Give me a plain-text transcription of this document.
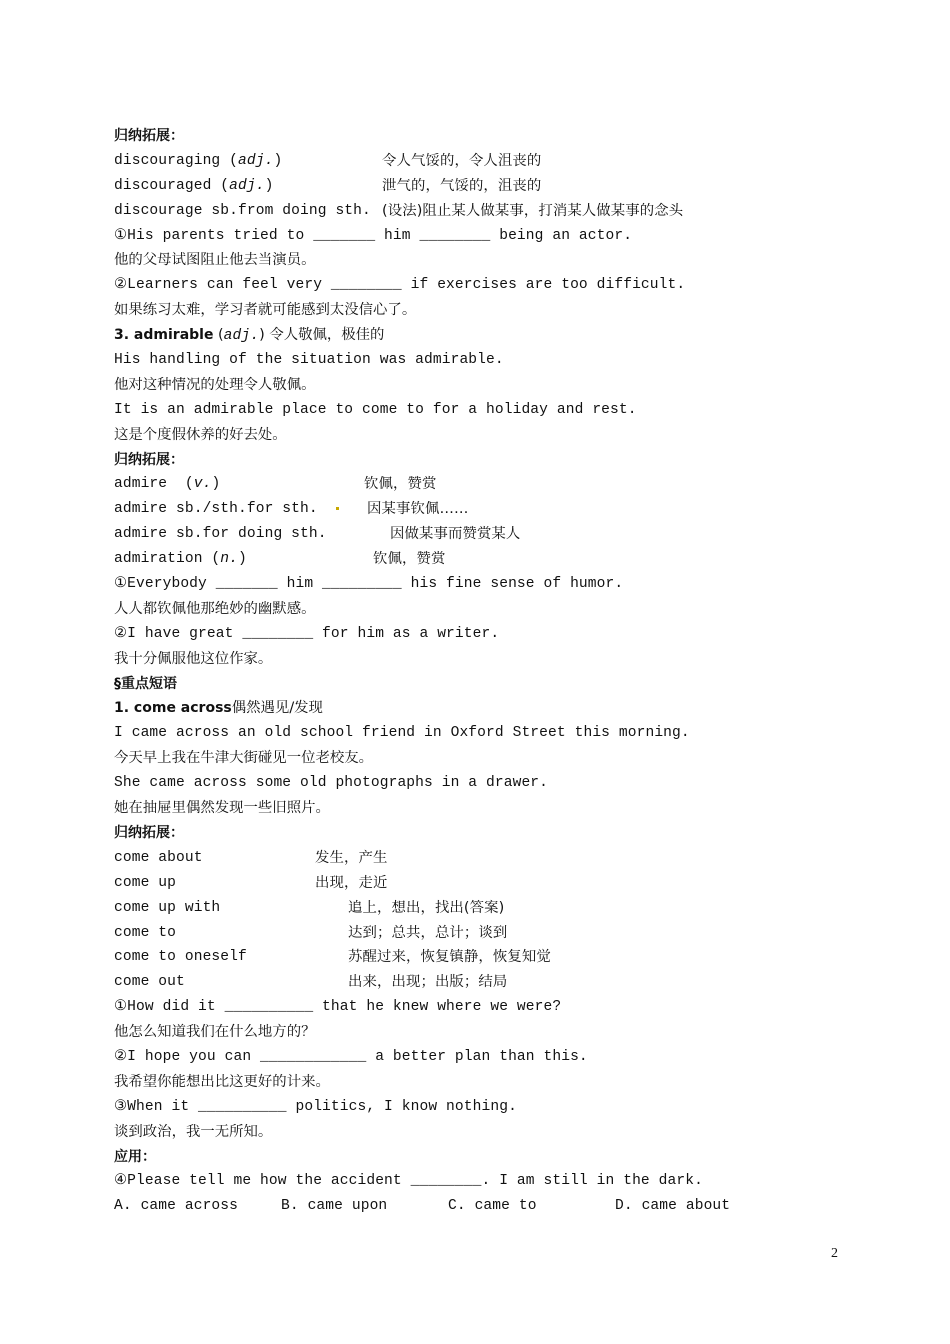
归纳拓展：
discouraging (adj.)	令人气馁的，令人沮丧的
discouraged (adj.)	泄气的，气馁的，沮丧的
discourage sb.from doing sth. (设法)阻止某人做某事，打消某人做某事的念头
①His parents tried to _______ him ________ being an actor.
他的父母试图阻止他去当演员。
②Learners can feel very ________ if exercises are too difficult.
如果练习太难，学习者就可能感到太没信心了。
3. admirable (adj.) 令人敬佩，极佳的
His handling of the situation was admirable.
他对这种情况的处理令人敬佩。
It is an admirable place to come to for a holiday and rest.
这是个度假休养的好去处。
归纳拓展：
admire  (v.)	钦佩，赞赏
admire sb./sth.for sth.	因某事钦佩……
admire sb.for doing sth.	因做某事而赞赏某人
admiration (n.)	钦佩，赞赏
①Everybody _______ him _________ his fine sense of humor.
人人都钦佩他那绝妙的幽默感。
②I have great ________ for him as a writer.
我十分佩服他这位作家。
§重点短语
1. come across偶然遇见/发现
I came across an old school friend in Oxford Street this morning.
今天早上我在牛津大街碰见一位老校友。
She came across some old photographs in a drawer.
她在抽屉里偶然发现一些旧照片。
归纳拓展：
come about	发生，产生
come up	出现，走近
come up with	追上，想出，找出(答案)
come to	达到；总共，总计；谈到
come to oneself	苏醒过来，恢复镇静，恢复知觉
come out	出来，出现；出版；结局
①How did it __________ that he knew where we were?
他怎么知道我们在什么地方的？
②I hope you can ____________ a better plan than this.
我希望你能想出比这更好的计来。
③When it __________ politics, I know nothing.
谈到政治，我一无所知。
应用：
④Please tell me how the accident ________. I am still in the dark.
A. came across	B. came upon	C. came to	D. came about
2
